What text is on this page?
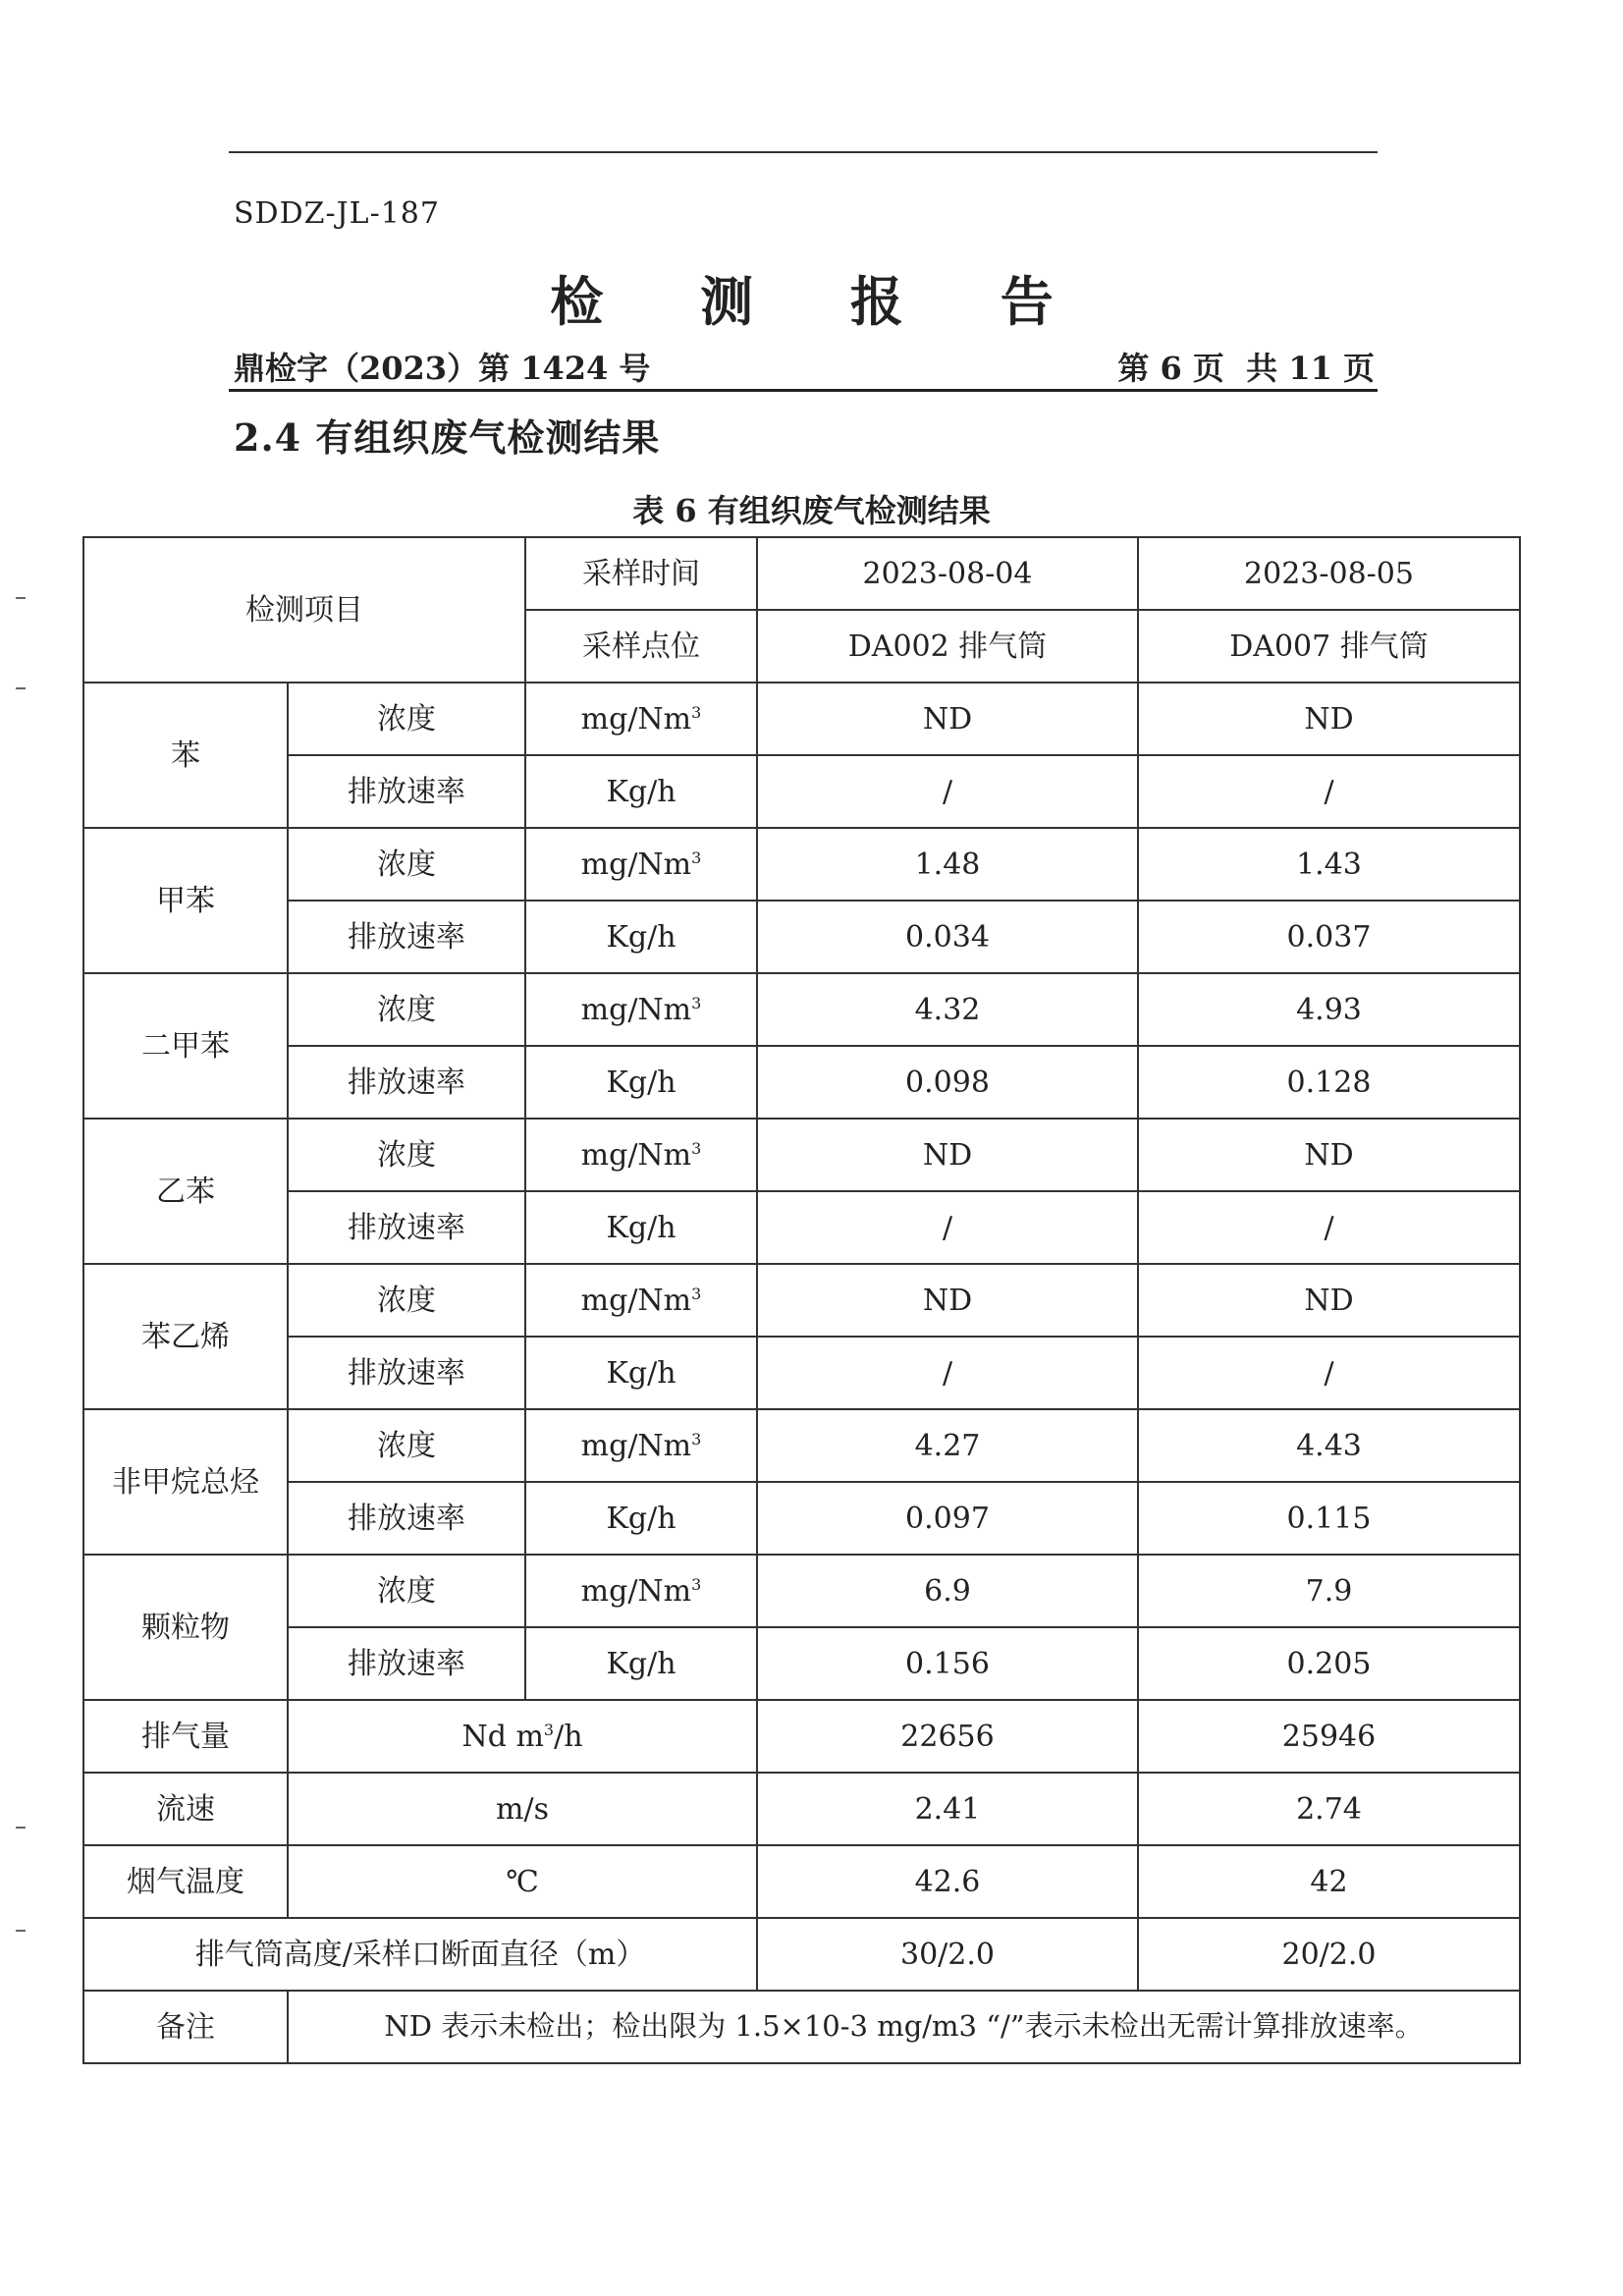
SDDZ-JL-187
检 测 报 告
鼎检字（2023）第 1424 号	第 6 页  共 11 页
2.4 有组织废气检测结果
表 6 有组织废气检测结果
检测项目		采样时间	2023-08-04	2023-08-05
		采样点位	DA002 排气筒	DA007 排气筒
苯	浓度	mg/Nm$^3$	ND	ND
	排放速率	Kg/h	/	/
甲苯	浓度	mg/Nm$^3$	1.48	1.43
	排放速率	Kg/h	0.034	0.037
二甲苯	浓度	mg/Nm$^3$	4.32	4.93
	排放速率	Kg/h	0.098	0.128
乙苯	浓度	mg/Nm$^3$	ND	ND
	排放速率	Kg/h	/	/
苯乙烯	浓度	mg/Nm$^3$	ND	ND
	排放速率	Kg/h	/	/
非甲烷总烃	浓度	mg/Nm$^3$	4.27	4.43
	排放速率	Kg/h	0.097	0.115
颗粒物	浓度	mg/Nm$^3$	6.9	7.9
	排放速率	Kg/h	0.156	0.205
排气量	Nd $m^3/h$		22656	25946
流速	m/s		2.41	2.74
烟气温度	℃		42.6	42
排气筒高度/采样口断面直径（m）			30/2.0	20/2.0
备注	ND 表示未检出；检出限为 1.5×10-3 mg/m3 “/”表示未检出无需计算排放速率。			
